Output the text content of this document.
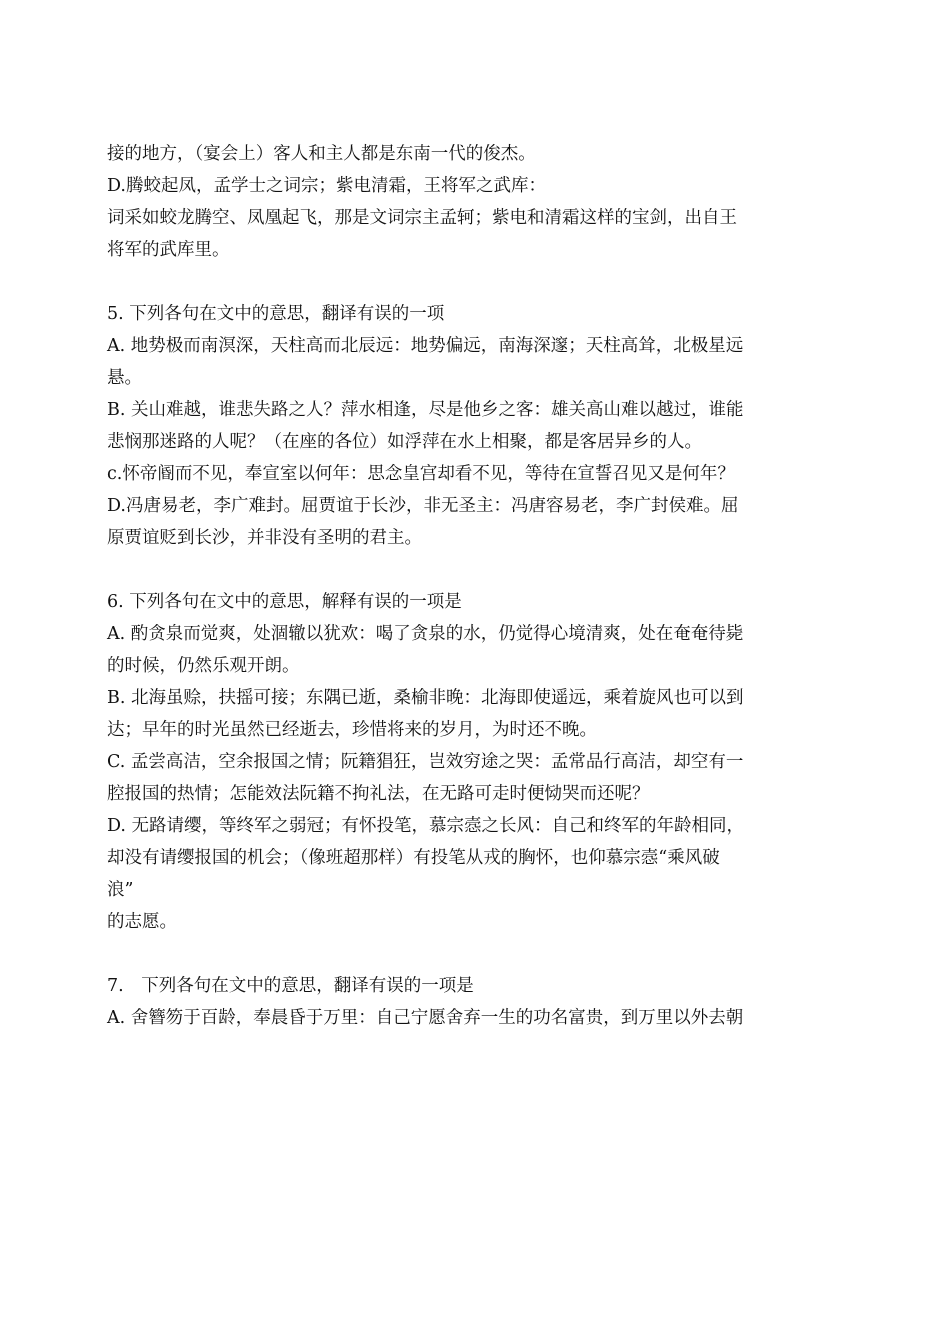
接的地方，（宴会上）客人和主人都是东南一代的俊杰。
D.腾蛟起凤，孟学士之词宗；紫电清霜，王将军之武库：
词采如蛟龙腾空、凤凰起飞，那是文词宗主孟轲；紫电和清霜这样的宝剑，出自王
将军的武库里。
5. 下列各句在文中的意思，翻译有误的一项
A. 地势极而南溟深，天柱高而北辰远：地势偏远，南海深邃；天柱高耸，北极星远
悬。
B. 关山难越，谁悲失路之人？萍水相逢，尽是他乡之客：雄关高山难以越过，谁能
悲悯那迷路的人呢？（在座的各位）如浮萍在水上相聚，都是客居异乡的人。
c.怀帝阍而不见，奉宣室以何年：思念皇宫却看不见，等待在宣誓召见又是何年？
D.冯唐易老，李广难封。屈贾谊于长沙，非无圣主：冯唐容易老，李广封侯难。屈
原贾谊贬到长沙，并非没有圣明的君主。
6. 下列各句在文中的意思，解释有误的一项是
A. 酌贪泉而觉爽，处涸辙以犹欢：喝了贪泉的水，仍觉得心境清爽，处在奄奄待毙
的时候，仍然乐观开朗。
B. 北海虽赊，扶摇可接；东隅已逝，桑榆非晚：北海即使遥远，乘着旋风也可以到
达；早年的时光虽然已经逝去，珍惜将来的岁月，为时还不晚。
C. 孟尝高洁，空余报国之情；阮籍猖狂，岂效穷途之哭：孟常品行高洁，却空有一
腔报国的热情；怎能效法阮籍不拘礼法，在无路可走时便恸哭而还呢？
D. 无路请缨，等终军之弱冠；有怀投笔，慕宗悫之长风：自己和终军的年龄相同，
却没有请缨报国的机会；（像班超那样）有投笔从戎的胸怀，也仰慕宗悫“乘风破
浪”
的志愿。
7.　下列各句在文中的意思，翻译有误的一项是
A. 舍簪笏于百龄，奉晨昏于万里：自己宁愿舍弃一生的功名富贵，到万里以外去朝
